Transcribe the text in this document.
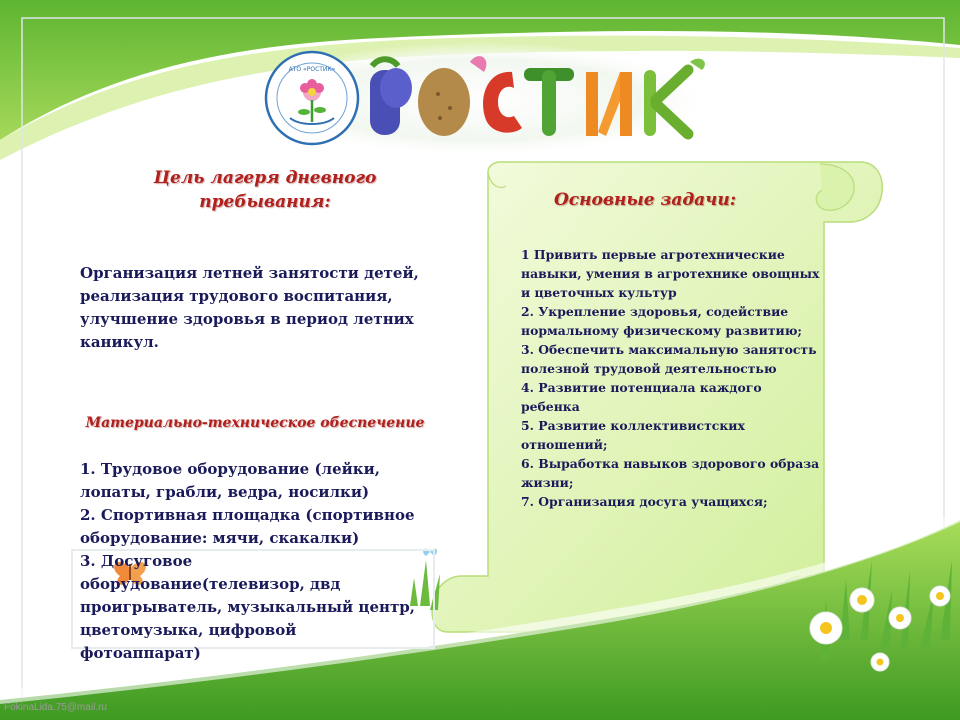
АТО «РОСТИК»
Цель лагеря дневного пребывания:
Организация летней занятости детей, реализация трудового воспитания, улучшение здоровья в период летних каникул.
Материально-техническое обеспечение
1. Трудовое оборудование (лейки, лопаты, грабли, ведра, носилки)
2. Спортивная площадка (спортивное оборудование: мячи, скакалки)
3. Досуговое оборудование(телевизор, двд проигрыватель, музыкальный центр, цветомузыка, цифровой фотоаппарат)
Основные задачи:
1 Привить первые агротехнические навыки, умения в агротехнике овощных и цветочных культур
2. Укрепление здоровья, содействие нормальному физическому развитию;
3. Обеспечить максимальную занятость полезной трудовой деятельностью
4. Развитие потенциала каждого ребенка
5. Развитие коллективистских отношений;
6. Выработка навыков здорового образа жизни;
7. Организация досуга учащихся;
FokinaLida.75@mail.ru
